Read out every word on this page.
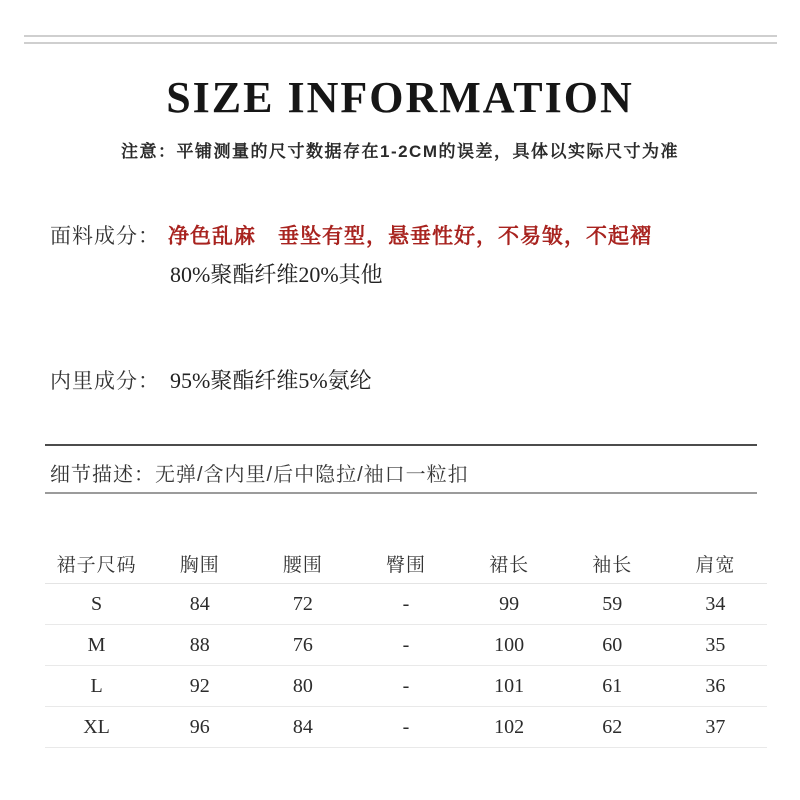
SIZE INFORMATION
注意：平铺测量的尺寸数据存在1-2CM的误差，具体以实际尺寸为准
面料成分： 净色乱麻 垂坠有型，悬垂性好，不易皱，不起褶
80%聚酯纤维20%其他
内里成分： 95%聚酯纤维5%氨纶
细节描述： 无弹/含内里/后中隐拉/袖口一粒扣
裙子尺码	胸围	腰围	臀围	裙长	袖长	肩宽
S	84	72	-	99	59	34
M	88	76	-	100	60	35
L	92	80	-	101	61	36
XL	96	84	-	102	62	37
